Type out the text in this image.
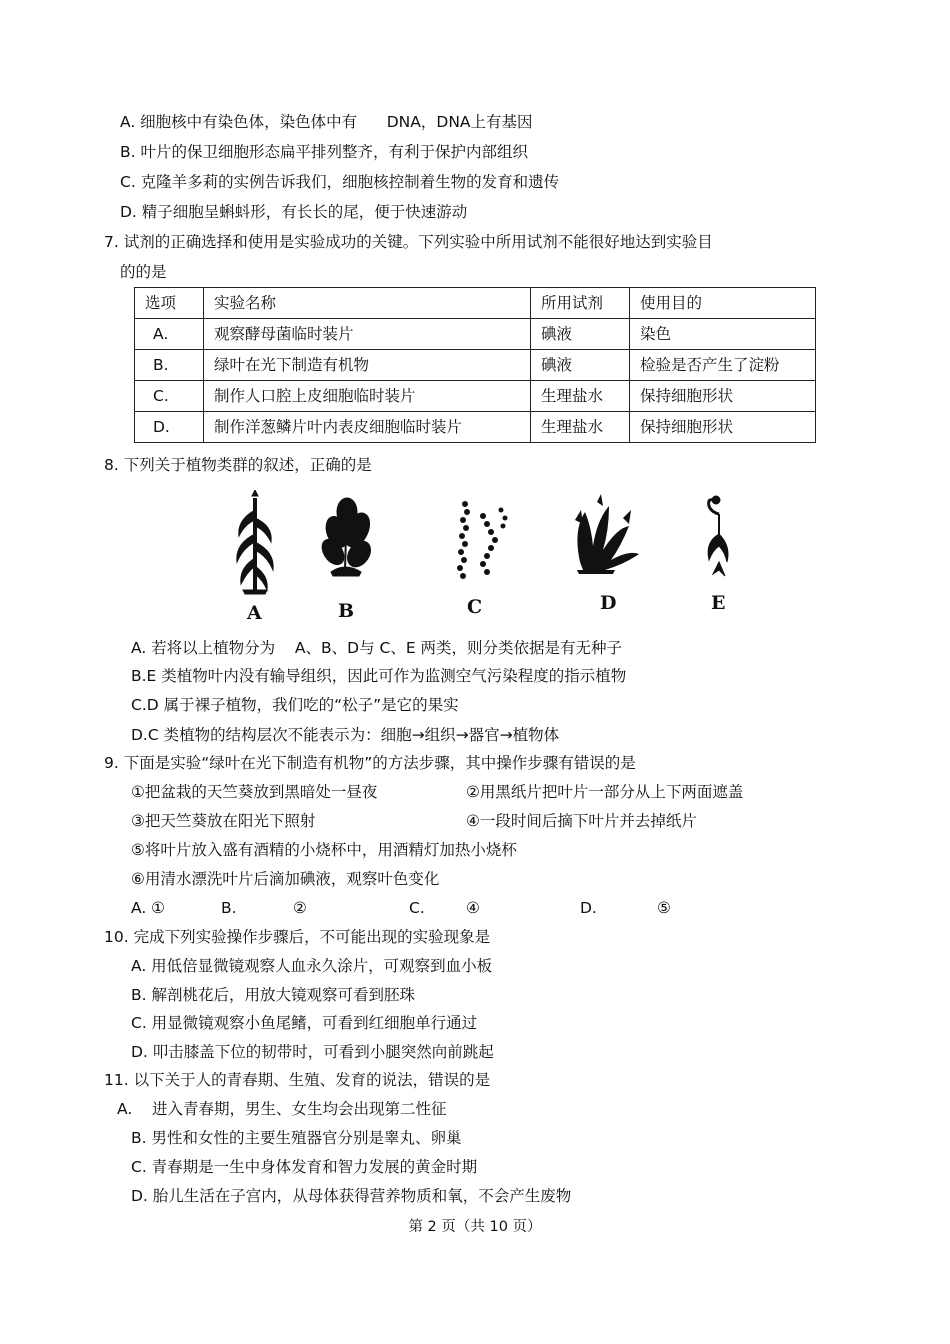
A. 细胞核中有染色体，染色体中有      DNA，DNA上有基因
B. 叶片的保卫细胞形态扁平排列整齐，有利于保护内部组织
C. 克隆羊多莉的实例告诉我们，细胞核控制着生物的发育和遗传
D. 精子细胞呈蝌蚪形，有长长的尾，便于快速游动
7. 试剂的正确选择和使用是实验成功的关键。下列实验中所用试剂不能很好地达到实验目
的的是
选项	实验名称	所用试剂	使用目的
A.	观察酵母菌临时装片	碘液	染色
B.	绿叶在光下制造有机物	碘液	检验是否产生了淀粉
C.	制作人口腔上皮细胞临时装片	生理盐水	保持细胞形状
D.	制作洋葱鳞片叶内表皮细胞临时装片	生理盐水	保持细胞形状
8. 下列关于植物类群的叙述，正确的是
A	B	C	D	E
A. 若将以上植物分为    A、B、D与 C、E 两类，则分类依据是有无种子
B.E 类植物叶内没有输导组织，因此可作为监测空气污染程度的指示植物
C.D 属于裸子植物，我们吃的“松子”是它的果实
D.C 类植物的结构层次不能表示为：细胞→组织→器官→植物体
9. 下面是实验“绿叶在光下制造有机物”的方法步骤，其中操作步骤有错误的是
①把盆栽的天竺葵放到黑暗处一昼夜	②用黑纸片把叶片一部分从上下两面遮盖
③把天竺葵放在阳光下照射	④一段时间后摘下叶片并去掉纸片
⑤将叶片放入盛有酒精的小烧杯中，用酒精灯加热小烧杯
⑥用清水漂洗叶片后滴加碘液，观察叶色变化
A. ①	B.	②	C.	④	D.	⑤
10. 完成下列实验操作步骤后，不可能出现的实验现象是
A. 用低倍显微镜观察人血永久涂片，可观察到血小板
B. 解剖桃花后，用放大镜观察可看到胚珠
C. 用显微镜观察小鱼尾鳍，可看到红细胞单行通过
D. 叩击膝盖下位的韧带时，可看到小腿突然向前跳起
11. 以下关于人的青春期、生殖、发育的说法，错误的是
A.    进入青春期，男生、女生均会出现第二性征
B. 男性和女性的主要生殖器官分别是睾丸、卵巢
C. 青春期是一生中身体发育和智力发展的黄金时期
D. 胎儿生活在子宫内，从母体获得营养物质和氧，不会产生废物
第 2 页（共 10 页）
